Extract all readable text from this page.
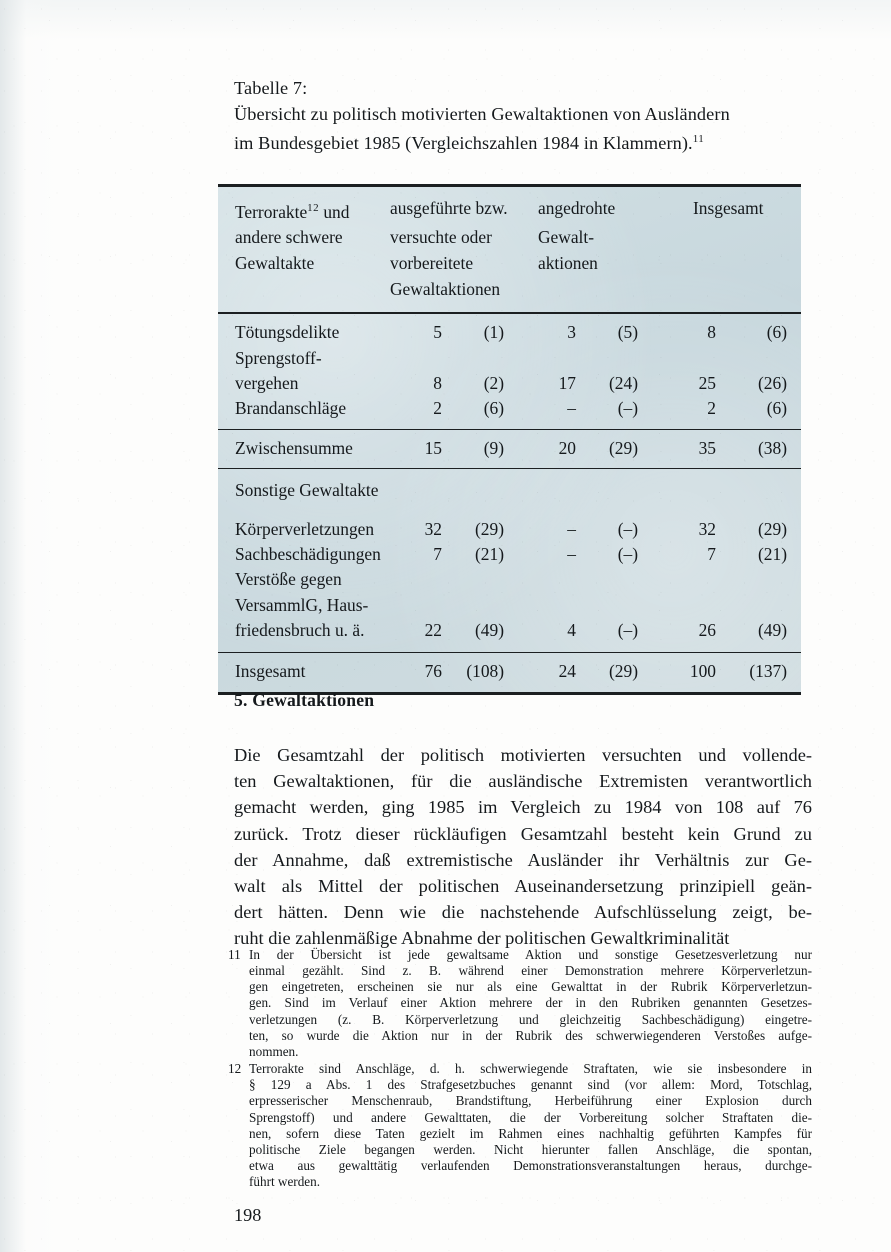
Tabelle 7:
Übersicht zu politisch motivierten Gewaltaktionen von Ausländern
im Bundesgebiet 1985 (Vergleichszahlen 1984 in Klammern).$^{11}$
Terrorakte$^{12}$ und	ausgeführte bzw.	angedrohte	Insgesamt
andere schwere	versuchte oder	Gewalt-
Gewaltakte	vorbereitete	aktionen
Gewaltaktionen
Tötungsdelikte	5	(1)	3	(5)	8	(6)
Sprengstoff-
vergehen	8	(2)	17	(24)	25	(26)
Brandanschläge	2	(6)	–	(–)	2	(6)
Zwischensumme	15	(9)	20	(29)	35	(38)
Sonstige Gewaltakte
Körperverletzungen	32	(29)	–	(–)	32	(29)
Sachbeschädigungen	7	(21)	–	(–)	7	(21)
Verstöße gegen
VersammlG, Haus-
friedensbruch u. ä.	22	(49)	4	(–)	26	(49)
Insgesamt	76	(108)	24	(29)	100	(137)
5. Gewaltaktionen
Die Gesamtzahl der politisch motivierten versuchten und vollende-
ten Gewaltaktionen, für die ausländische Extremisten verantwortlich
gemacht werden, ging 1985 im Vergleich zu 1984 von 108 auf 76
zurück. Trotz dieser rückläufigen Gesamtzahl besteht kein Grund zu
der Annahme, daß extremistische Ausländer ihr Verhältnis zur Ge-
walt als Mittel der politischen Auseinandersetzung prinzipiell geän-
dert hätten. Denn wie die nachstehende Aufschlüsselung zeigt, be-
ruht die zahlenmäßige Abnahme der politischen Gewaltkriminalität
11 In der Übersicht ist jede gewaltsame Aktion und sonstige Gesetzesverletzung nur
einmal gezählt. Sind z. B. während einer Demonstration mehrere Körperverletzun-
gen eingetreten, erscheinen sie nur als eine Gewalttat in der Rubrik Körperverletzun-
gen. Sind im Verlauf einer Aktion mehrere der in den Rubriken genannten Gesetzes-
verletzungen (z. B. Körperverletzung und gleichzeitig Sachbeschädigung) eingetre-
ten, so wurde die Aktion nur in der Rubrik des schwerwiegenderen Verstoßes aufge-
nommen.
12 Terrorakte sind Anschläge, d. h. schwerwiegende Straftaten, wie sie insbesondere in
§ 129 a Abs. 1 des Strafgesetzbuches genannt sind (vor allem: Mord, Totschlag,
erpresserischer Menschenraub, Brandstiftung, Herbeiführung einer Explosion durch
Sprengstoff) und andere Gewalttaten, die der Vorbereitung solcher Straftaten die-
nen, sofern diese Taten gezielt im Rahmen eines nachhaltig geführten Kampfes für
politische Ziele begangen werden. Nicht hierunter fallen Anschläge, die spontan,
etwa aus gewalttätig verlaufenden Demonstrationsveranstaltungen heraus, durchge-
führt werden.
198
